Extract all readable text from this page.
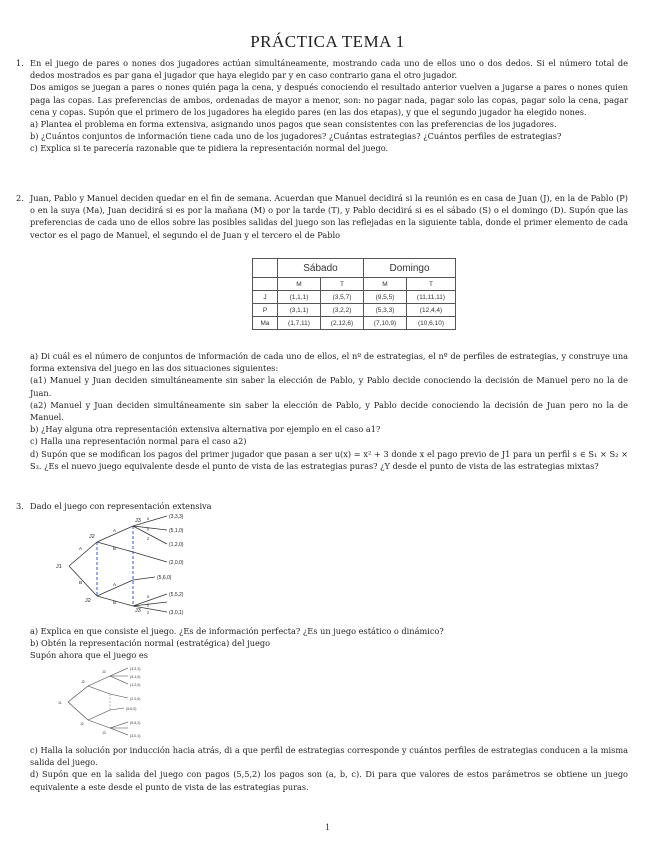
PRÁCTICA TEMA 1
1. En el juego de pares o nones dos jugadores actúan simultáneamente, mostrando cada uno de ellos uno o dos dedos. Si el número total de dedos mostrados es par gana el jugador que haya elegido par y en caso contrario gana el otro jugador.

Dos amigos se juegan a pares o nones quién paga la cena, y después conociendo el resultado anterior vuelven a jugarse a pares o nones quien paga las copas. Las preferencias de ambos, ordenadas de mayor a menor, son: no pagar nada, pagar solo las copas, pagar solo la cena, pagar cena y copas. Supón que el primero de los jugadores ha elegido pares (en las dos etapas), y que el segundo jugador ha elegido nones.

a) Plantea el problema en forma extensiva, asignando unos pagos que sean consistentes con las preferencias de los jugadores.

b) ¿Cuántos conjuntos de información tiene cada uno de los jugadores? ¿Cuántas estrategias? ¿Cuántos perfiles de estrategias?

c) Explica si te parecería razonable que te pidiera la representación normal del juego.

2. Juan, Pablo y Manuel deciden quedar en el fin de semana. Acuerdan que Manuel decidirá si la reunión es en casa de Juan (J), en la de Pablo (P) o en la suya (Ma), Juan decidirá si es por la mañana (M) o por la tarde (T), y Pablo decidirá si es el sábado (S) o el domingo (D). Supón que las preferencias de cada uno de ellos sobre las posibles salidas del juego son las reflejadas en la siguiente tabla, donde el primer elemento de cada vector es el pago de Manuel, el segundo el de Juan y el tercero el de Pablo

	Sábado		Domingo	
	M	T	M	T
J	(1,1,1)	(3,5,7)	(9,5,5)	(11,11,11)
P	(3,1,1)	(3,2,2)	(5,3,3)	(12,4,4)
Ma	(1,7,11)	(2,12,6)	(7,10,9)	(10,6,10)

a) Di cuál es el número de conjuntos de información de cada uno de ellos, el nº de estrategias, el nº de perfiles de estrategias, y construye una forma extensiva del juego en las dos situaciones siguientes:

(a1) Manuel y Juan deciden simultáneamente sin saber la elección de Pablo, y Pablo decide conociendo la decisión de Manuel pero no la de Juan.

(a2) Manuel y Juan deciden simultáneamente sin saber la elección de Pablo, y Pablo decide conociendo la decisión de Juan pero no la de Manuel.

b) ¿Hay alguna otra representación extensiva alternativa por ejemplo en el caso a1?

c) Halla una representación normal para el caso a2)

d) Supón que se modifican los pagos del primer jugador que pasan a ser u(x) = x² + 3 donde x el pago previo de J1 para un perfil s ∈ S₁ × S₂ × S₃. ¿Es el nuevo juego equivalente desde el punto de vista de las estrategias puras? ¿Y desde el punto de vista de las estrategias mixtas?

3. Dado el juego con representación extensiva

J1
J2
J2
J3
J3
A
B
A
B
A
B
x
y
z
x
y
z
(3,3,3)
(5,1,0)
(1,2,0)
(2,0,0)
(5,6,0)
(5,5,2)
(3,0,1)

a) Explica en que consiste el juego. ¿Es de información perfecta? ¿Es un juego estático o dinámico?

b) Obtén la representación normal (estratégica) del juego

Supón ahora que el juego es

J1
J2
J2
J3
J3
(3,3,3)
(5,1,0)
(1,2,0)
(2,0,0)
(5,6,0)
(5,5,2)
(3,0,1)

c) Halla la solución por inducción hacia atrás, di a que perfil de estrategias corresponde y cuántos perfiles de estrategias conducen a la misma salida del juego.

d) Supón que en la salida del juego con pagos (5,5,2) los pagos son (a, b, c). Di para que valores de estos parámetros se obtiene un juego equivalente a este desde el punto de vista de las estrategias puras.

1
